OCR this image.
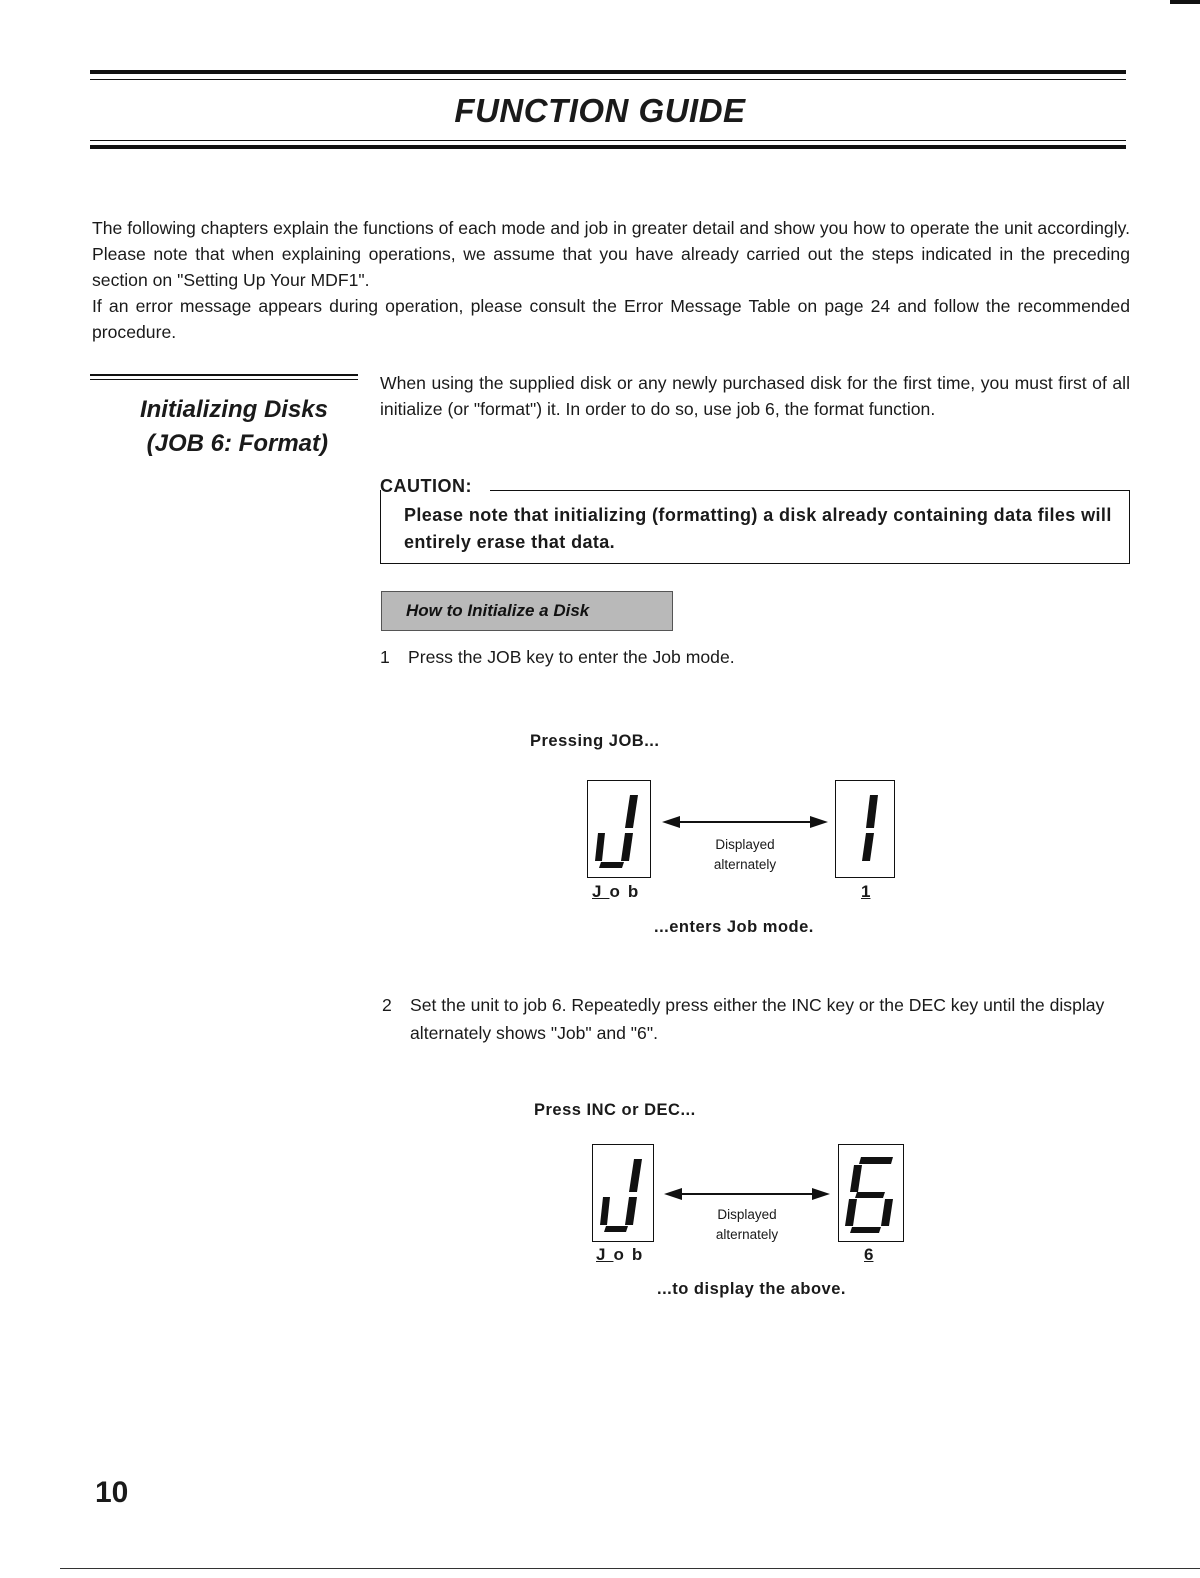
FUNCTION GUIDE

The following chapters explain the functions of each mode and job in greater detail and show you how to operate the unit accordingly. Please note that when explaining operations, we assume that you have already carried out the steps indicated in the preceding section on "Setting Up Your MDF1".

If an error message appears during operation, please consult the Error Message Table on page 24 and follow the recommended procedure.

Initializing Disks
(JOB 6: Format)
When using the supplied disk or any newly purchased disk for the first time, you must first of all initialize (or "format") it. In order to do so, use job 6, the format function.
CAUTION:
Please note that initializing (formatting) a disk already containing data files will entirely erase that data.
How to Initialize a Disk
1 Press the JOB key to enter the Job mode.
Pressing JOB...
Displayed
alternately
Job	1
...enters Job mode.
2 Set the unit to job 6. Repeatedly press either the INC key or the DEC key until the display alternately shows "Job" and "6".
Press INC or DEC...
Displayed
alternately
Job	6
...to display the above.
10
